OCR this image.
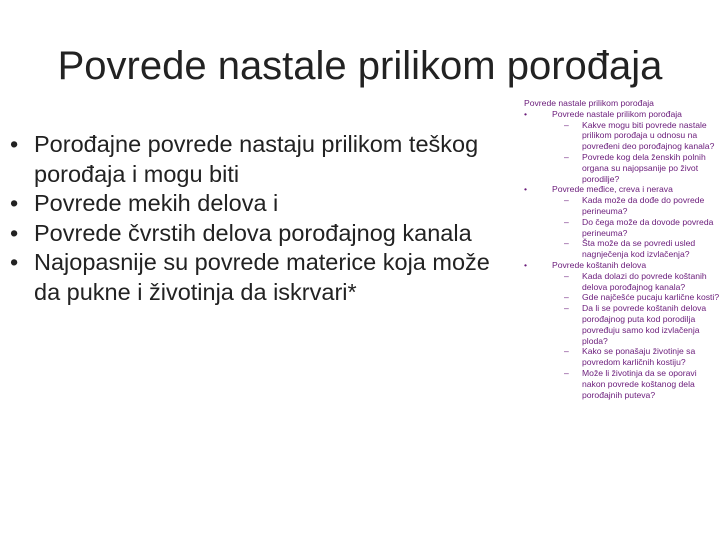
Povrede nastale prilikom porođaja
• Porođajne povrede nastaju prilikom teškog porođaja i mogu biti
• Povrede mekih delova i
• Povrede čvrstih delova porođajnog kanala
• Najopasnije su povrede materice koja može da pukne i životinja da iskrvari*
Povrede nastale prilikom porođaja
•	Povrede nastale prilikom porođaja
– Kakve mogu biti povrede nastale prilikom porođaja u odnosu na povređeni deo porođajnog kanala?
– Povrede kog dela ženskih polnih organa su najopsanije po život porodilje?
•	Povrede međice, creva i nerava
– Kada može da dođe do povrede perineuma?
– Do čega može da dovode povreda perineuma?
– Šta može da se povredi usled nagnječenja kod izvlačenja?
•	Povrede koštanih delova
– Kada dolazi do povrede koštanih delova porođajnog kanala?
– Gde najčešće pucaju karlične kosti?
– Da li se povrede koštanih delova porođajnog puta kod porodilja povređuju samo kod izvlačenja ploda?
– Kako se ponašaju životinje sa povredom karličnih kostiju?
– Može li životinja da se oporavi nakon povrede koštanog dela porođajnih puteva?
